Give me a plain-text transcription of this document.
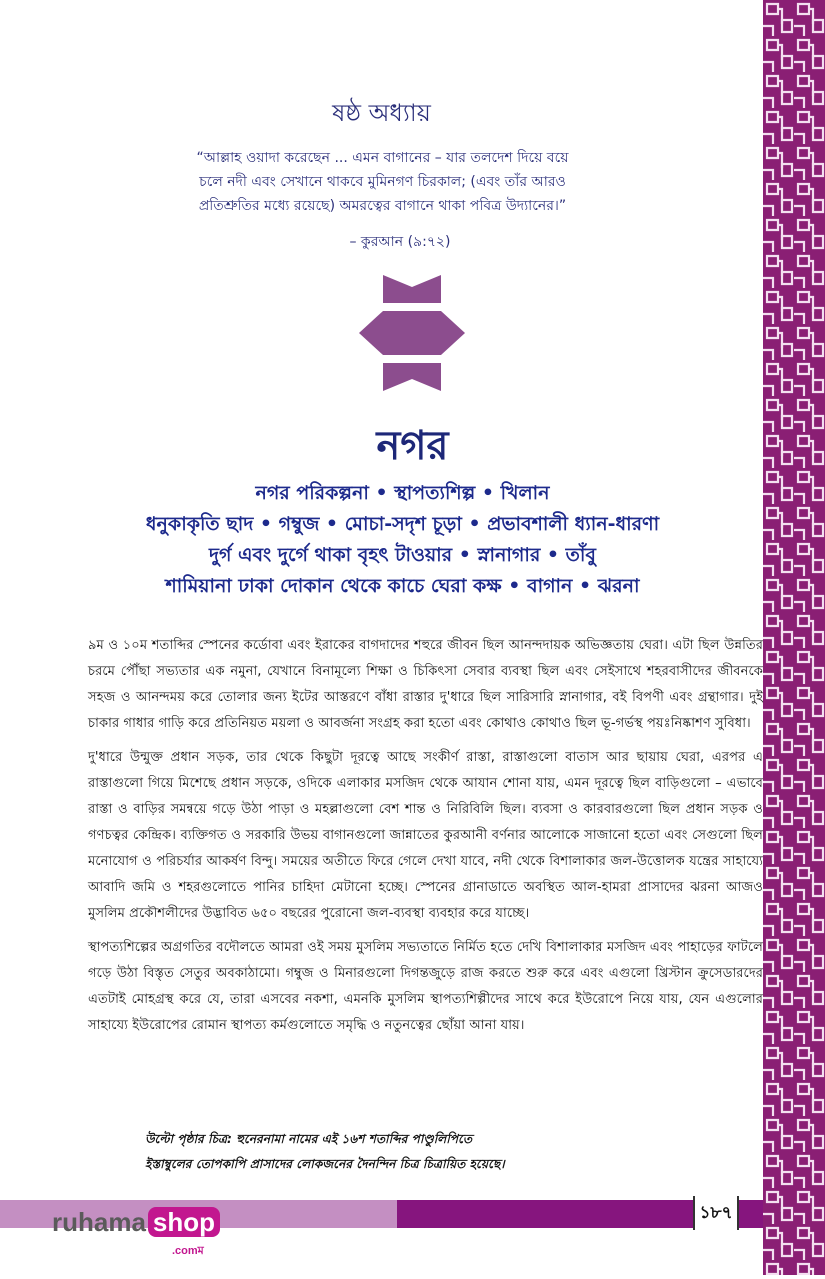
ষষ্ঠ অধ্যায়
“আল্লাহ ওয়াদা করেছেন ... এমন বাগানের – যার তলদেশ দিয়ে বয়ে
চলে নদী এবং সেখানে থাকবে মুমিনগণ চিরকাল; (এবং তাঁর আরও
প্রতিশ্রুতির মধ্যে রয়েছে) অমরত্বের বাগানে থাকা পবিত্র উদ্যানের।”
– কুরআন (৯:৭২)
নগর
নগর পরিকল্পনা • স্থাপত্যশিল্প • খিলান
ধনুকাকৃতি ছাদ • গম্বুজ • মোচা-সদৃশ চূড়া • প্রভাবশালী ধ্যান-ধারণা
দুর্গ এবং দুর্গে থাকা বৃহৎ টাওয়ার • স্নানাগার • তাঁবু
শামিয়ানা ঢাকা দোকান থেকে কাচে ঘেরা কক্ষ • বাগান • ঝরনা

৯ম ও ১০ম শতাব্দির স্পেনের কর্ডোবা এবং ইরাকের বাগদাদের শহুরে জীবন ছিল আনন্দদায়ক অভিজ্ঞতায় ঘেরা। এটা ছিল উন্নতির চরমে পৌঁছা সভ্যতার এক নমুনা, যেখানে বিনামূল্যে শিক্ষা ও চিকিৎসা সেবার ব্যবস্থা ছিল এবং সেইসাথে শহরবাসীদের জীবনকে সহজ ও আনন্দময় করে তোলার জন্য ইটের আস্তরণে বাঁধা রাস্তার দু'ধারে ছিল সারিসারি স্নানাগার, বই বিপণী এবং গ্রন্থাগার। দুই চাকার গাধার গাড়ি করে প্রতিনিয়ত ময়লা ও আবর্জনা সংগ্রহ করা হতো এবং কোথাও কোথাও ছিল ভূ-গর্ভস্থ পয়ঃনিষ্কাশণ সুবিধা।

দু'ধারে উন্মুক্ত প্রধান সড়ক, তার থেকে কিছুটা দূরত্বে আছে সংকীর্ণ রাস্তা, রাস্তাগুলো বাতাস আর ছায়ায় ঘেরা, এরপর এ রাস্তাগুলো গিয়ে মিশেছে প্রধান সড়কে, ওদিকে এলাকার মসজিদ থেকে আযান শোনা যায়, এমন দূরত্বে ছিল বাড়িগুলো – এভাবে রাস্তা ও বাড়ির সমন্বয়ে গড়ে উঠা পাড়া ও মহল্লাগুলো বেশ শান্ত ও নিরিবিলি ছিল। ব্যবসা ও কারবারগুলো ছিল প্রধান সড়ক ও গণচত্বর কেন্দ্রিক। ব্যক্তিগত ও সরকারি উভয় বাগানগুলো জান্নাতের কুরআনী বর্ণনার আলোকে সাজানো হতো এবং সেগুলো ছিল মনোযোগ ও পরিচর্যার আকর্ষণ বিন্দু। সময়ের অতীতে ফিরে গেলে দেখা যাবে, নদী থেকে বিশালাকার জল-উত্তোলক যন্ত্রের সাহায্যে আবাদি জমি ও শহরগুলোতে পানির চাহিদা মেটানো হচ্ছে। স্পেনের গ্রানাডাতে অবস্থিত আল-হামরা প্রাসাদের ঝরনা আজও মুসলিম প্রকৌশলীদের উদ্ভাবিত ৬৫০ বছরের পুরোনো জল-ব্যবস্থা ব্যবহার করে যাচ্ছে।

স্থাপত্যশিল্পের অগ্রগতির বদৌলতে আমরা ওই সময় মুসলিম সভ্যতাতে নির্মিত হতে দেখি বিশালাকার মসজিদ এবং পাহাড়ের ফাটলে গড়ে উঠা বিস্তৃত সেতুর অবকাঠামো। গম্বুজ ও মিনারগুলো দিগন্তজুড়ে রাজ করতে শুরু করে এবং এগুলো খ্রিস্টান ক্রুসেডারদের এতটাই মোহগ্রস্থ করে যে, তারা এসবের নকশা, এমনকি মুসলিম স্থাপত্যশিল্পীদের সাথে করে ইউরোপে নিয়ে যায়, যেন এগুলোর সাহায্যে ইউরোপের রোমান স্থাপত্য কর্মগুলোতে সমৃদ্ধি ও নতুনত্বের ছোঁয়া আনা যায়।

উল্টো পৃষ্ঠার চিত্র: হুনেরনামা নামের এই ১৬শ শতাব্দির পাণ্ডুলিপিতে
ইস্তাম্বুলের তোপকাপি প্রাসাদের লোকজনের দৈনন্দিন চিত্র চিত্রায়িত হয়েছে।
১৮৭
ruhama shop
.comম
